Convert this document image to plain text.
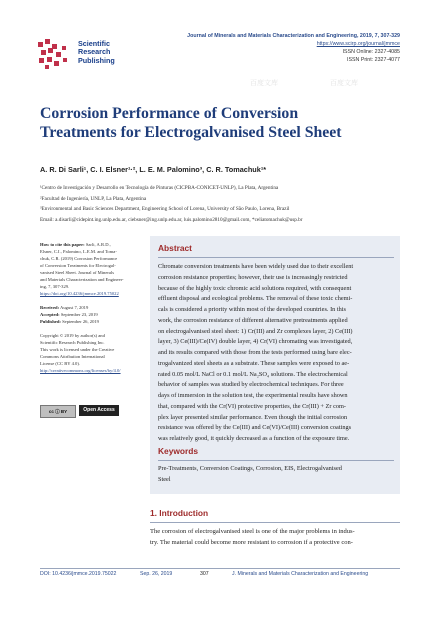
Scientific
Research
Publishing
Journal of Minerals and Materials Characterization and Engineering, 2019, 7, 307-329
https://www.scirp.org/journal/jmmce
ISSN Online: 2327-4085
ISSN Print: 2327-4077
百度文库	百度文库
Corrosion Performance of Conversion
Treatments for Electrogalvanised Steel Sheet
A. R. Di Sarli¹, C. I. Elsner¹·², L. E. M. Palomino³, C. R. Tomachuk¹*
¹Centro de Investigación y Desarrollo en Tecnología de Pinturas (CICPBA-CONICET-UNLP), La Plata, Argentina
²Facultad de Ingeniería, UNLP, La Plata, Argentina
³Environmental and Basic Sciences Department, Engineering School of Lorena, University of São Paulo, Lorena, Brazil
Email: a.disarli@cidepint.ing.unlp.edu.ar, ciebsner@ing.unlp.edu.ar, luis.palomino2810@gmail.com, *celiatomachuk@usp.br
How to cite this paper: Sarli, A.R.D.,
Elsner, C.I., Palomino, L.E.M. and Toma-
chuk, C.R. (2019) Corrosion Performance
of Conversion Treatments for Electrogal-
vanised Steel Sheet. Journal of Minerals
and Materials Characterization and Engineer-
ing, 7, 307-329.
https://doi.org/10.4236/jmmce.2019.75022
Received: August 7, 2019
Accepted: September 23, 2019
Published: September 26, 2019
Copyright © 2019 by author(s) and
Scientific Research Publishing Inc.
This work is licensed under the Creative
Commons Attribution International
License (CC BY 4.0).
http://creativecommons.org/licenses/by/4.0/
cc ⓘ BY	Open Access
Abstract
Chromate conversion treatments have been widely used due to their excellent
corrosion resistance properties; however, their use is increasingly restricted
because of the highly toxic chromic acid solutions required, with consequent
effluent disposal and ecological problems. The removal of these toxic chemi-
cals is considered a priority within most of the developed countries. In this
work, the corrosion resistance of different alternative pretreatments applied
on electrogalvanised steel sheet: 1) Cr(III) and Zr complexes layer, 2) Ce(III)
layer, 3) Ce(III)/Ce(IV) double layer, 4) Cr(VI) chromating was investigated,
and its results compared with those from the tests performed using bare elec-
trogalvanized steel sheets as a substrate. These samples were exposed to ae-
rated 0.05 mol/L NaCl or 0.1 mol/L Na₂SO₄ solutions. The electrochemical
behavior of samples was studied by electrochemical techniques. For three
days of immersion in the solution test, the experimental results have shown
that, compared with the Cr(VI) protective properties, the Cr(III) + Zr com-
plex layer presented similar performance. Even though the initial corrosion
resistance was offered by the Ce(III) and Ce(VI)/Ce(III) conversion coatings
was relatively good, it quickly decreased as a function of the exposure time.
Keywords
Pre-Treatments, Conversion Coatings, Corrosion, EIS, Electrogalvanised
Steel
1. Introduction
The corrosion of electrogalvanised steel is one of the major problems in indus-
try. The material could become more resistant to corrosion if a protective con-
DOI: 10.4236/jmmce.2019.75022	Sep. 26, 2019	307	J. Minerals and Materials Characterization and Engineering
